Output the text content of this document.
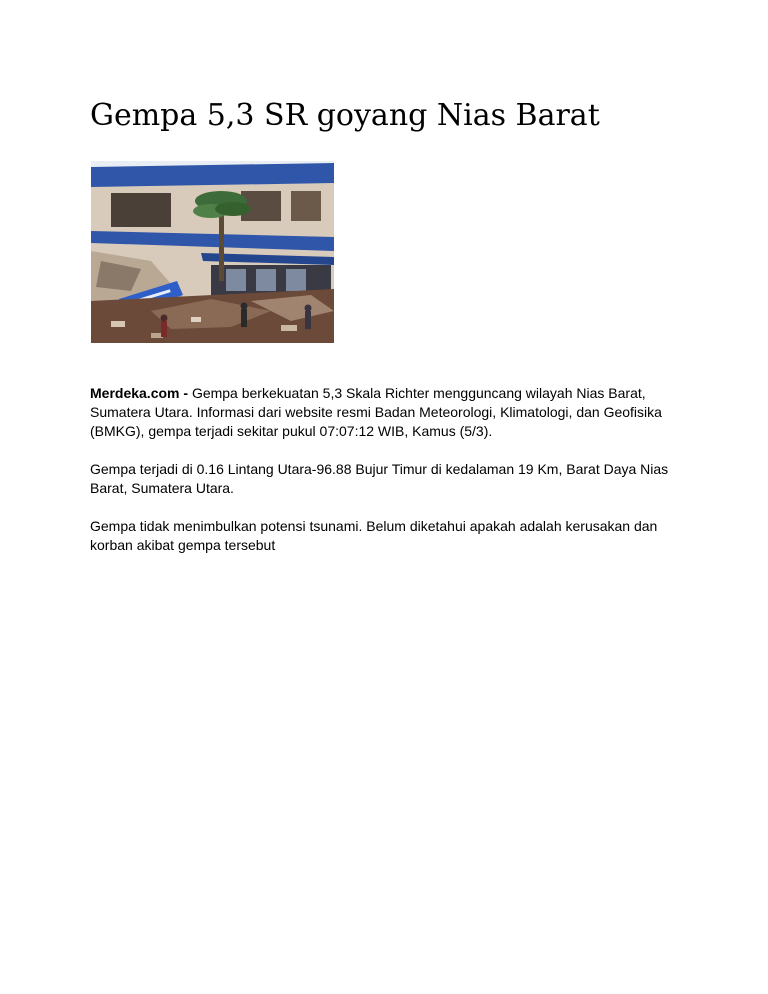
Gempa 5,3 SR goyang Nias Barat

Merdeka.com - Gempa berkekuatan 5,3 Skala Richter mengguncang wilayah Nias Barat, Sumatera Utara. Informasi dari website resmi Badan Meteorologi, Klimatologi, dan Geofisika (BMKG), gempa terjadi sekitar pukul 07:07:12 WIB, Kamus (5/3).

Gempa terjadi di 0.16 Lintang Utara-96.88 Bujur Timur di kedalaman 19 Km, Barat Daya Nias Barat, Sumatera Utara.

Gempa tidak menimbulkan potensi tsunami. Belum diketahui apakah adalah kerusakan dan korban akibat gempa tersebut
